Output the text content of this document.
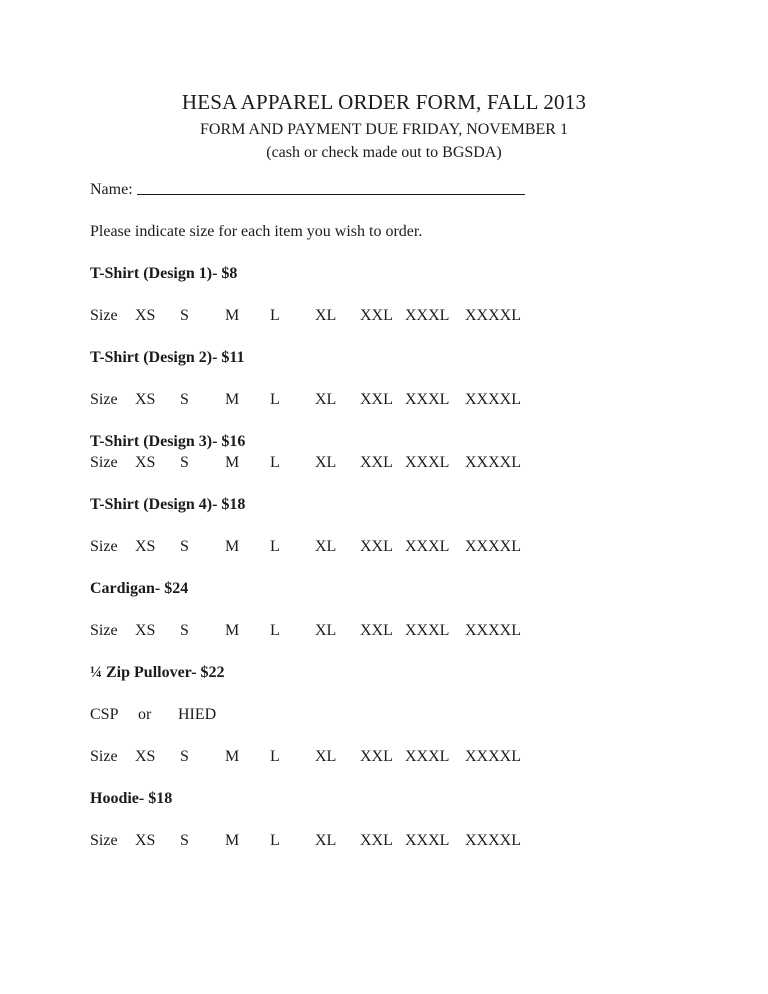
HESA APPAREL ORDER FORM, FALL 2013

FORM AND PAYMENT DUE FRIDAY, NOVEMBER 1

(cash or check made out to BGSDA)

Name:

Please indicate size for each item you wish to order.

T-Shirt (Design 1)- $8

Size XS S M L XL XXL XXXL XXXXL

T-Shirt (Design 2)- $11

Size XS S M L XL XXL XXXL XXXXL

T-Shirt (Design 3)- $16

Size XS S M L XL XXL XXXL XXXXL

T-Shirt (Design 4)- $18

Size XS S M L XL XXL XXXL XXXXL

Cardigan- $24

Size XS S M L XL XXL XXXL XXXXL

¼ Zip Pullover- $22

CSP or HIED

Size XS S M L XL XXL XXXL XXXXL

Hoodie- $18

Size XS S M L XL XXL XXXL XXXXL
